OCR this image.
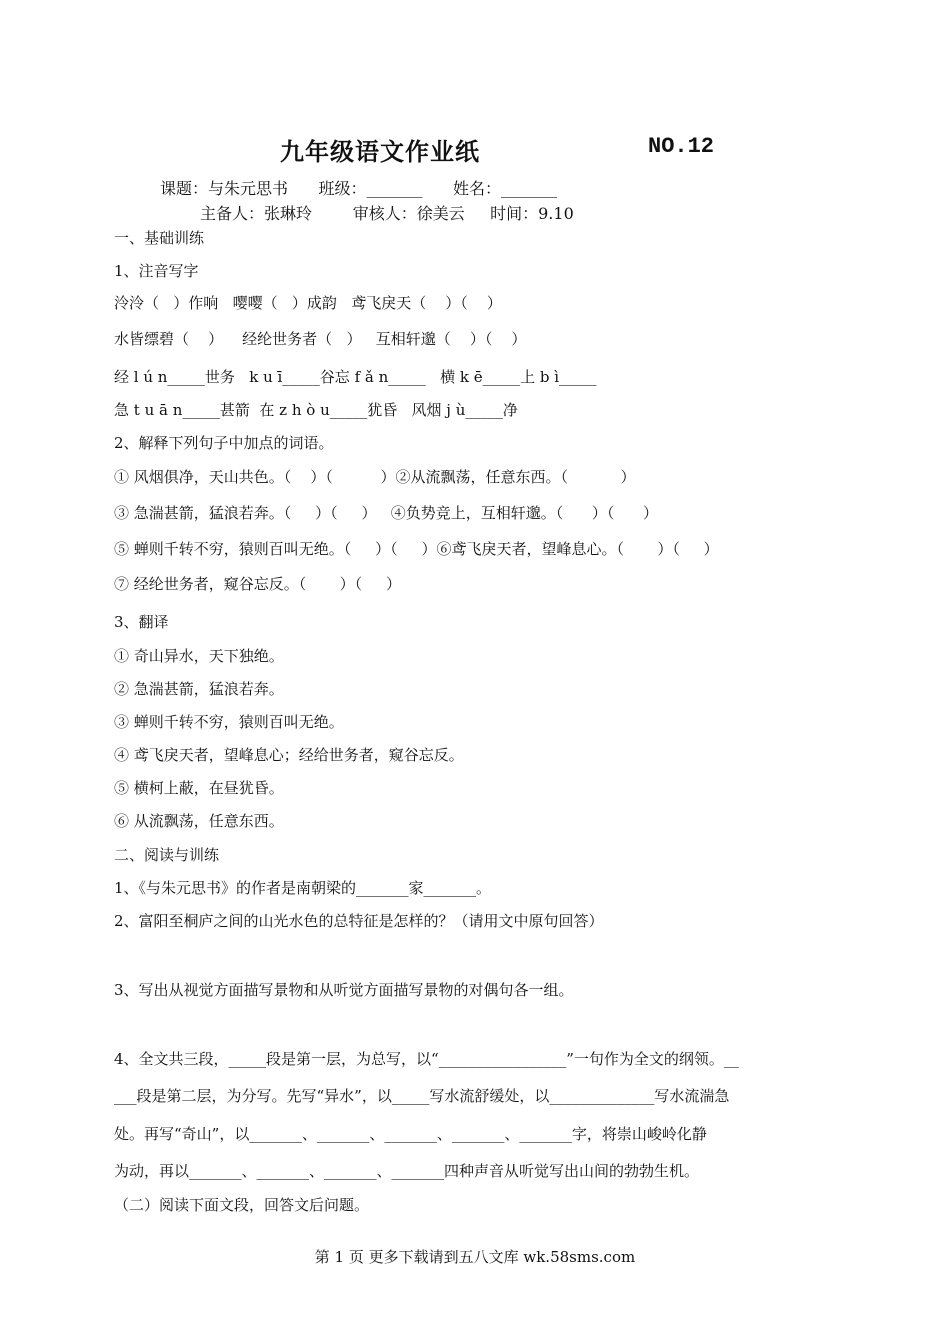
九年级语文作业纸	NO.12
课题：与朱元思书      班级：_______      姓名：_______
主备人：张琳玲        审核人：徐美云     时间：9.10
一、基础训练
1、注音写字
泠泠（   ）作响   嘤嘤（   ）成韵   鸢飞戾天（    ）（    ）
水皆缥碧（    ）    经纶世务者（   ）   互相轩邈（    ）（    ）
经 l ú n_____世务   k u ī_____谷忘 f ǎ n_____   横 k ē_____上 b ì_____
急 t u ā n_____甚箭  在 z h ò u_____犹昏   风烟 j ù_____净
2、解释下列句子中加点的词语。
① 风烟俱净，天山共色。（    ）（          ）②从流飘荡，任意东西。（           ）
③ 急湍甚箭，猛浪若奔。（     ）（     ）   ④负势竞上，互相轩邈。（      ）（      ）
⑤ 蝉则千转不穷，猿则百叫无绝。（     ）（     ）⑥鸢飞戾天者，望峰息心。（       ）（     ）
⑦ 经纶世务者，窥谷忘反。（       ）（     ）
3、翻译
① 奇山异水，天下独绝。
② 急湍甚箭，猛浪若奔。
③ 蝉则千转不穷，猿则百叫无绝。
④ 鸢飞戾天者，望峰息心；经给世务者，窥谷忘反。
⑤ 横柯上蔽，在昼犹昏。
⑥ 从流飘荡，任意东西。
二、阅读与训练
1、《与朱元思书》的作者是南朝梁的_______家_______。
2、富阳至桐庐之间的山光水色的总特征是怎样的？（请用文中原句回答）
3、写出从视觉方面描写景物和从听觉方面描写景物的对偶句各一组。
4、全文共三段，_____段是第一层，为总写，以“_________________”一句作为全文的纲领。__
___段是第二层，为分写。先写“异水”，以_____写水流舒缓处，以______________写水流湍急
处。再写“奇山”，以_______、_______、_______、_______、_______字，将崇山峻岭化静
为动，再以_______、_______、_______、_______四种声音从听觉写出山间的勃勃生机。
（二）阅读下面文段，回答文后问题。
第 1 页 更多下载请到五八文库 wk.58sms.com
